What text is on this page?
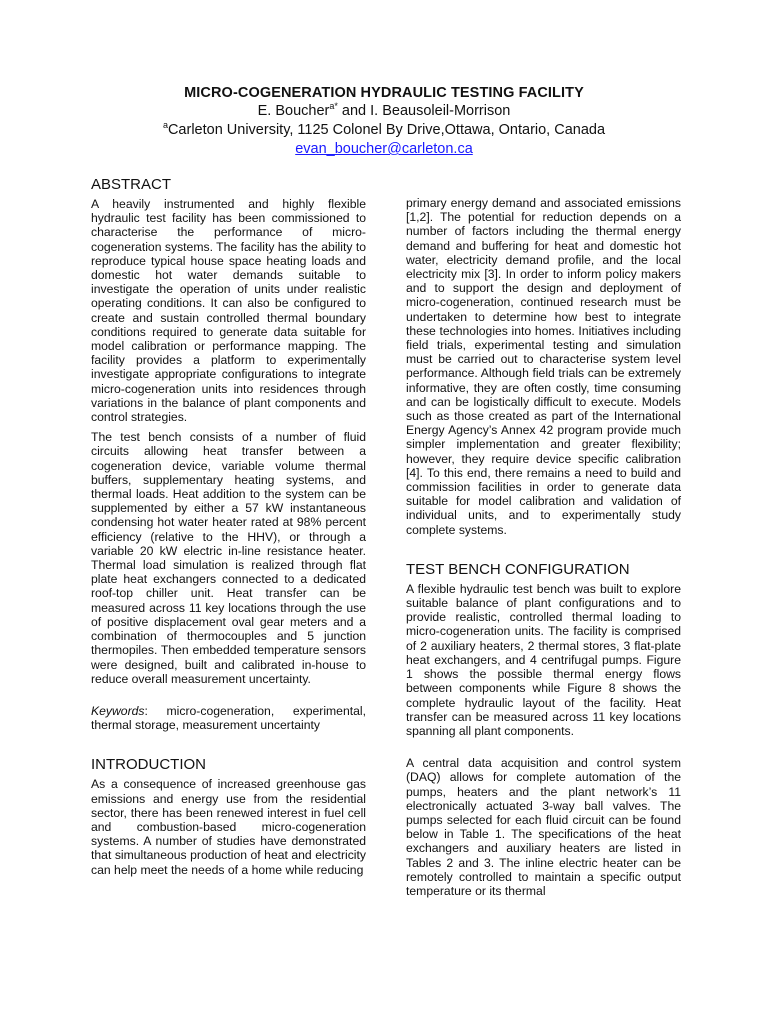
MICRO-COGENERATION HYDRAULIC TESTING FACILITY
E. Boucher$^{a*}$ and I. Beausoleil-Morrison
$^a$Carleton University, 1125 Colonel By Drive,Ottawa, Ontario, Canada
evan_boucher@carleton.ca
ABSTRACT

A heavily instrumented and highly flexible hydraulic test facility has been commissioned to characterise the performance of micro-cogeneration systems. The facility has the ability to reproduce typical house space heating loads and domestic hot water demands suitable to investigate the operation of units under realistic operating conditions. It can also be configured to create and sustain controlled thermal boundary conditions required to generate data suitable for model calibration or performance mapping. The facility provides a platform to experimentally investigate appropriate configurations to integrate micro-cogeneration units into residences through variations in the balance of plant components and control strategies.

The test bench consists of a number of fluid circuits allowing heat transfer between a cogeneration device, variable volume thermal buffers, supplementary heating systems, and thermal loads. Heat addition to the system can be supplemented by either a 57 kW instantaneous condensing hot water heater rated at 98% percent efficiency (relative to the HHV), or through a variable 20 kW electric in-line resistance heater. Thermal load simulation is realized through flat plate heat exchangers connected to a dedicated roof-top chiller unit. Heat transfer can be measured across 11 key locations through the use of positive displacement oval gear meters and a combination of thermocouples and 5 junction thermopiles. Then embedded temperature sensors were designed, built and calibrated in-house to reduce overall measurement uncertainty.

Keywords: micro-cogeneration, experimental, thermal storage, measurement uncertainty

INTRODUCTION

As a consequence of increased greenhouse gas emissions and energy use from the residential sector, there has been renewed interest in fuel cell and combustion-based micro-cogeneration systems. A number of studies have demonstrated that simultaneous production of heat and electricity can help meet the needs of a home while reducing

primary energy demand and associated emissions [1,2]. The potential for reduction depends on a number of factors including the thermal energy demand and buffering for heat and domestic hot water, electricity demand profile, and the local electricity mix [3]. In order to inform policy makers and to support the design and deployment of micro-cogeneration, continued research must be undertaken to determine how best to integrate these technologies into homes. Initiatives including field trials, experimental testing and simulation must be carried out to characterise system level performance. Although field trials can be extremely informative, they are often costly, time consuming and can be logistically difficult to execute. Models such as those created as part of the International Energy Agency’s Annex 42 program provide much simpler implementation and greater flexibility; however, they require device specific calibration [4]. To this end, there remains a need to build and commission facilities in order to generate data suitable for model calibration and validation of individual units, and to experimentally study complete systems.

TEST BENCH CONFIGURATION

A flexible hydraulic test bench was built to explore suitable balance of plant configurations and to provide realistic, controlled thermal loading to micro-cogeneration units. The facility is comprised of 2 auxiliary heaters, 2 thermal stores, 3 flat-plate heat exchangers, and 4 centrifugal pumps. Figure 1 shows the possible thermal energy flows between components while Figure 8 shows the complete hydraulic layout of the facility. Heat transfer can be measured across 11 key locations spanning all plant components.

A central data acquisition and control system (DAQ) allows for complete automation of the pumps, heaters and the plant network’s 11 electronically actuated 3-way ball valves. The pumps selected for each fluid circuit can be found below in Table 1. The specifications of the heat exchangers and auxiliary heaters are listed in Tables 2 and 3. The inline electric heater can be remotely controlled to maintain a specific output temperature or its thermal
